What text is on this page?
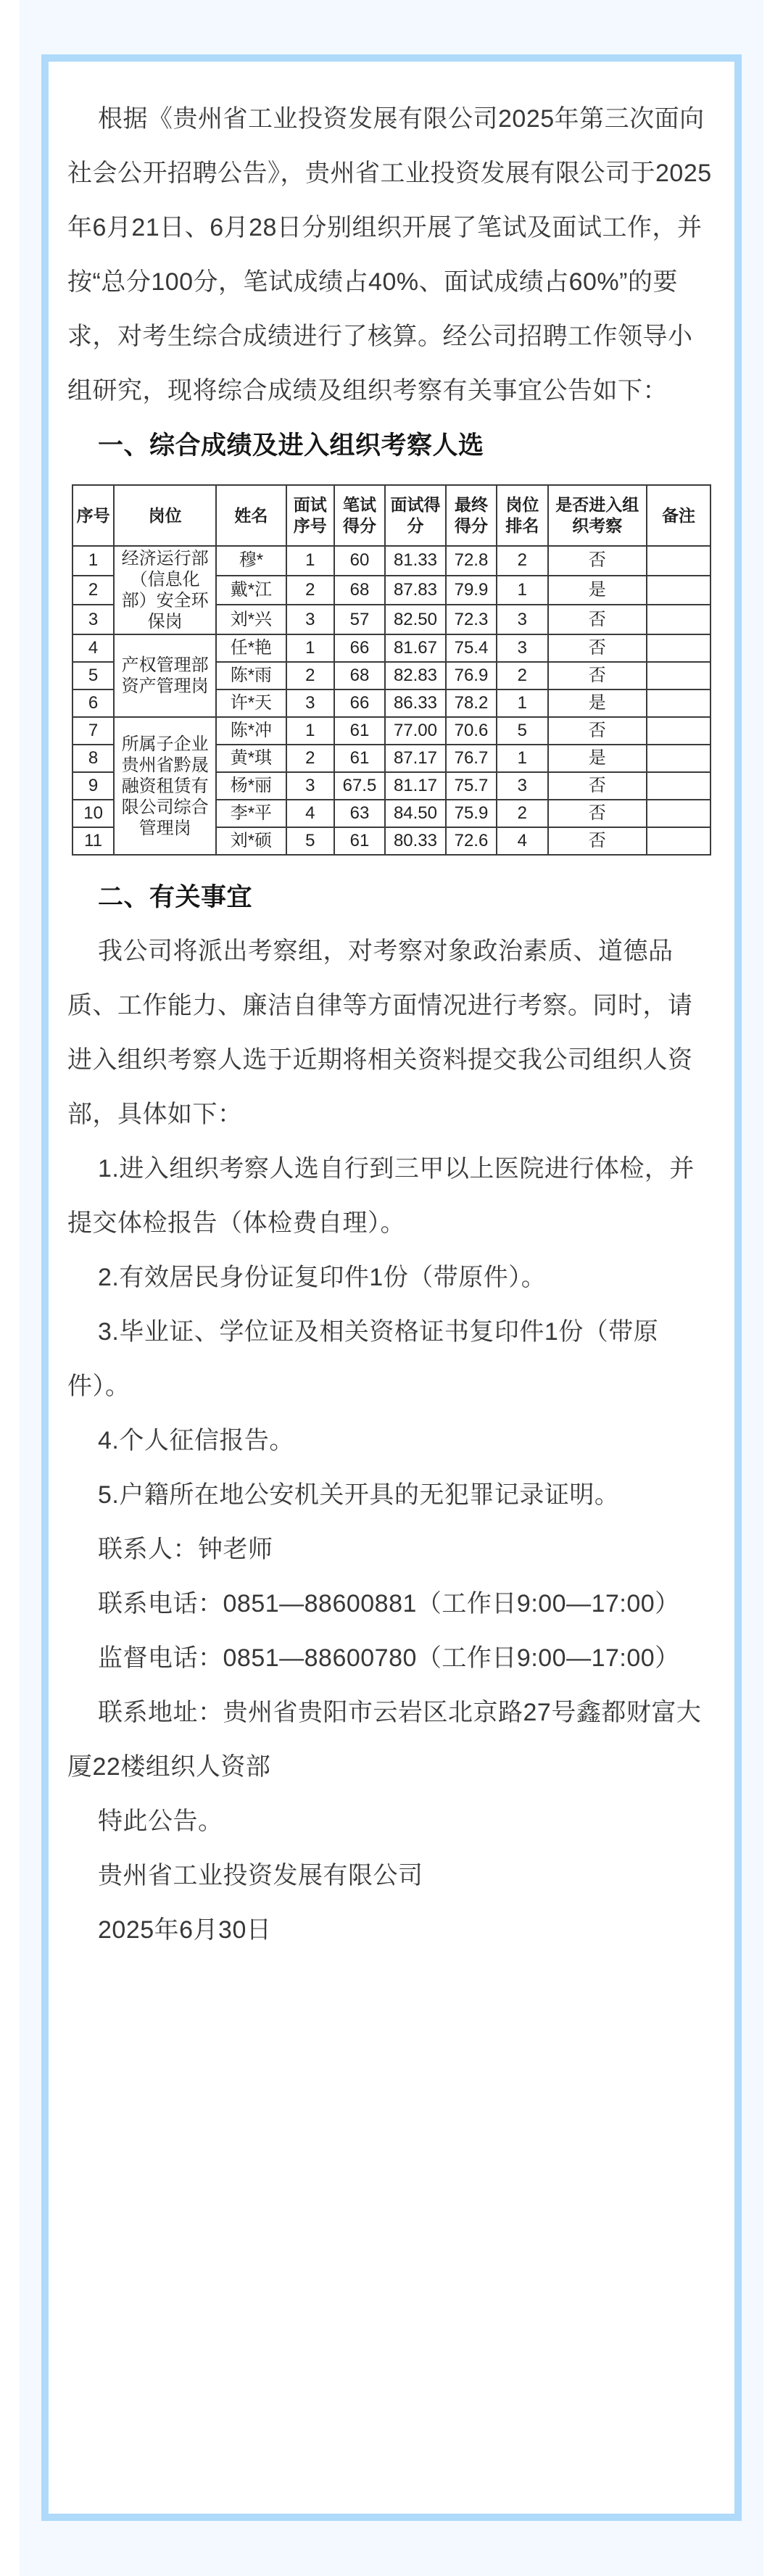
根据《贵州省工业投资发展有限公司2025年第三次面向社会公开招聘公告》，贵州省工业投资发展有限公司于2025年6月21日、6月28日分别组织开展了笔试及面试工作，并按“总分100分，笔试成绩占40%、面试成绩占60%”的要求，对考生综合成绩进行了核算。经公司招聘工作领导小组研究，现将综合成绩及组织考察有关事宜公告如下：

一、综合成绩及进入组织考察人选

序号	岗位	姓名	面试序号	笔试得分	面试得分	最终得分	岗位排名	是否进入组织考察	备注
1	经济运行部（信息化部）安全环保岗	穆*	1	60	81.33	72.8	2	否	
2		戴*江	2	68	87.83	79.9	1	是	
3		刘*兴	3	57	82.50	72.3	3	否	
4	产权管理部资产管理岗	任*艳	1	66	81.67	75.4	3	否	
5		陈*雨	2	68	82.83	76.9	2	否	
6		许*天	3	66	86.33	78.2	1	是	
7	所属子企业贵州省黔晟融资租赁有限公司综合管理岗	陈*冲	1	61	77.00	70.6	5	否	
8		黄*琪	2	61	87.17	76.7	1	是	
9		杨*丽	3	67.5	81.17	75.7	3	否	
10		李*平	4	63	84.50	75.9	2	否	
11		刘*硕	5	61	80.33	72.6	4	否	

二、有关事宜

我公司将派出考察组，对考察对象政治素质、道德品质、工作能力、廉洁自律等方面情况进行考察。同时，请进入组织考察人选于近期将相关资料提交我公司组织人资部，具体如下：

1.进入组织考察人选自行到三甲以上医院进行体检，并提交体检报告（体检费自理）。

2.有效居民身份证复印件1份（带原件）。

3.毕业证、学位证及相关资格证书复印件1份（带原件）。

4.个人征信报告。

5.户籍所在地公安机关开具的无犯罪记录证明。

联系人：钟老师

联系电话：0851—88600881（工作日9:00—17:00）

监督电话：0851—88600780（工作日9:00—17:00）

联系地址：贵州省贵阳市云岩区北京路27号鑫都财富大厦22楼组织人资部

特此公告。

贵州省工业投资发展有限公司

2025年6月30日
